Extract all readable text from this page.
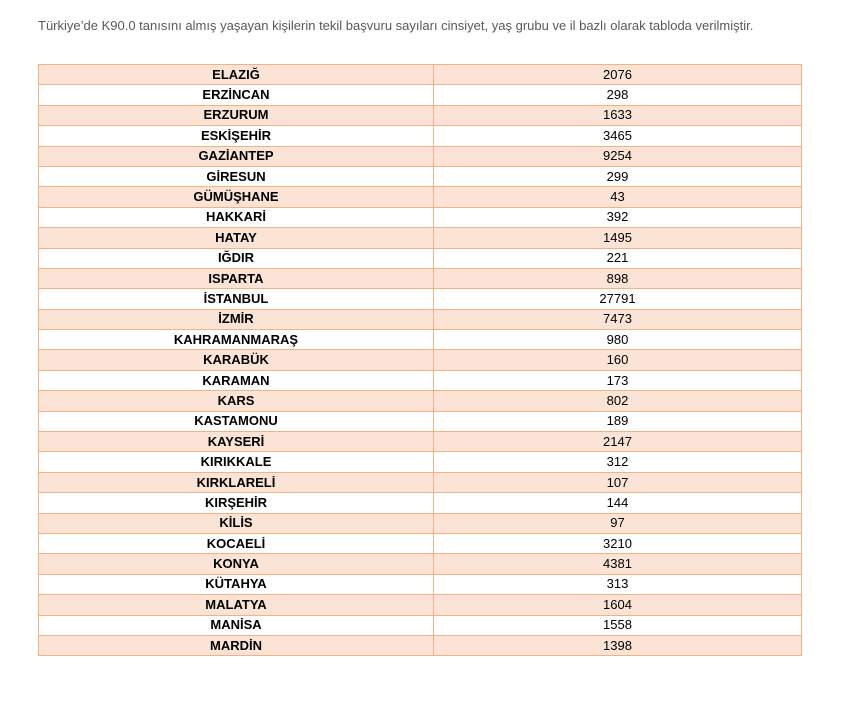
Türkiye’de K90.0 tanısını almış yaşayan kişilerin tekil başvuru sayıları cinsiyet, yaş grubu ve il bazlı olarak tabloda verilmiştir.
ELAZIĞ	2076
ERZİNCAN	298
ERZURUM	1633
ESKİŞEHİR	3465
GAZİANTEP	9254
GİRESUN	299
GÜMÜŞHANE	43
HAKKARİ	392
HATAY	1495
IĞDIR	221
ISPARTA	898
İSTANBUL	27791
İZMİR	7473
KAHRAMANMARAŞ	980
KARABÜK	160
KARAMAN	173
KARS	802
KASTAMONU	189
KAYSERİ	2147
KIRIKKALE	312
KIRKLARELİ	107
KIRŞEHİR	144
KİLİS	97
KOCAELİ	3210
KONYA	4381
KÜTAHYA	313
MALATYA	1604
MANİSA	1558
MARDİN	1398
